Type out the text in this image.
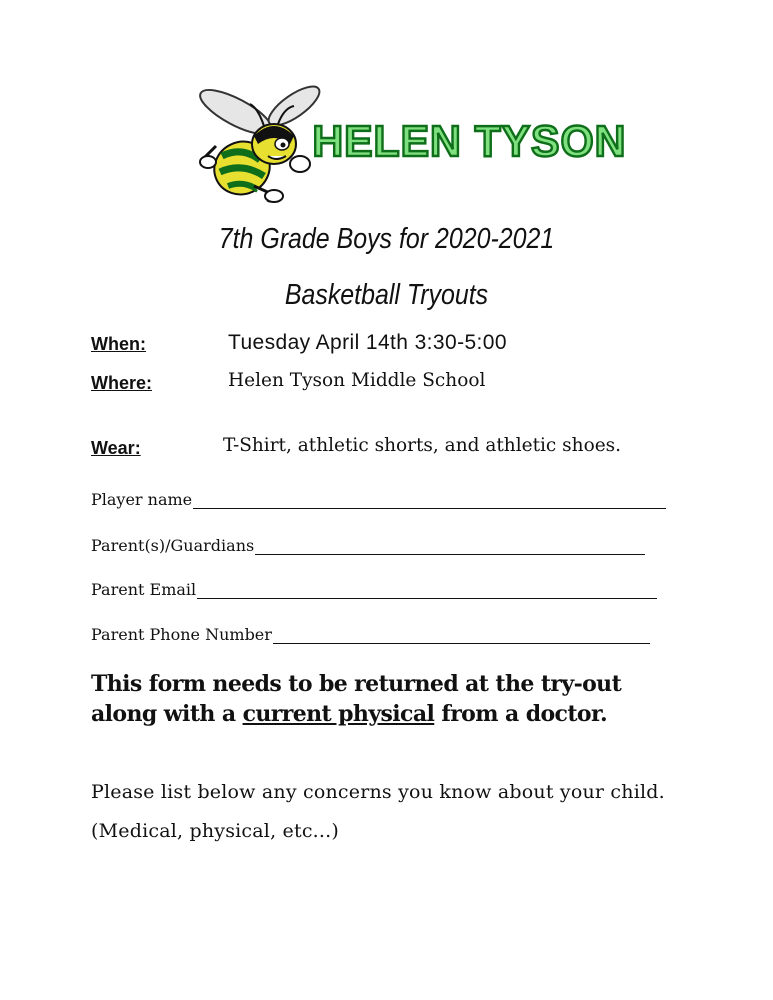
HELEN TYSON
7th Grade Boys for 2020-2021
Basketball Tryouts
When:	Tuesday April 14th 3:30-5:00
Where:	Helen Tyson Middle School
Wear:	T-Shirt, athletic shorts, and athletic shoes.
Player name
Parent(s)/Guardians
Parent Email
Parent Phone Number
This form needs to be returned at the try-out along with a current physical from a doctor.
Please list below any concerns you know about your child. (Medical, physical, etc...)
